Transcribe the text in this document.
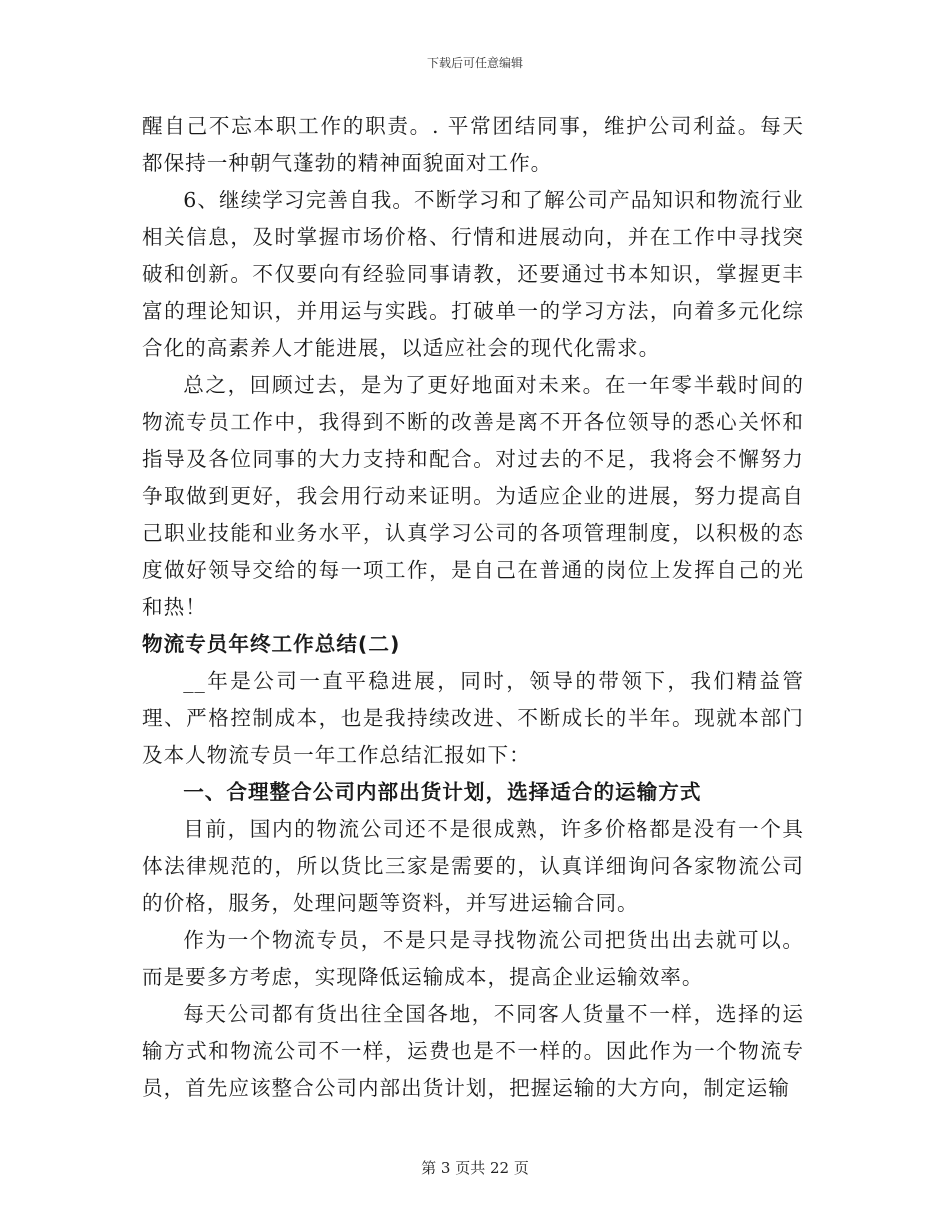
下载后可任意编辑

醒自己不忘本职工作的职责。. 平常团结同事，维护公司利益。每天都保持一种朝气蓬勃的精神面貌面对工作。

6、继续学习完善自我。不断学习和了解公司产品知识和物流行业相关信息，及时掌握市场价格、行情和进展动向，并在工作中寻找突破和创新。不仅要向有经验同事请教，还要通过书本知识，掌握更丰富的理论知识，并用运与实践。打破单一的学习方法，向着多元化综合化的高素养人才能进展，以适应社会的现代化需求。

总之，回顾过去，是为了更好地面对未来。在一年零半载时间的物流专员工作中，我得到不断的改善是离不开各位领导的悉心关怀和指导及各位同事的大力支持和配合。对过去的不足，我将会不懈努力争取做到更好，我会用行动来证明。为适应企业的进展，努力提高自己职业技能和业务水平，认真学习公司的各项管理制度，以积极的态度做好领导交给的每一项工作，是自己在普通的岗位上发挥自己的光和热！

物流专员年终工作总结(二)

__年是公司一直平稳进展，同时，领导的带领下，我们精益管理、严格控制成本，也是我持续改进、不断成长的半年。现就本部门及本人物流专员一年工作总结汇报如下：

一、合理整合公司内部出货计划，选择适合的运输方式

目前，国内的物流公司还不是很成熟，许多价格都是没有一个具体法律规范的，所以货比三家是需要的，认真详细询问各家物流公司的价格，服务，处理问题等资料，并写进运输合同。

作为一个物流专员，不是只是寻找物流公司把货出出去就可以。而是要多方考虑，实现降低运输成本，提高企业运输效率。

每天公司都有货出往全国各地，不同客人货量不一样，选择的运输方式和物流公司不一样，运费也是不一样的。因此作为一个物流专员，首先应该整合公司内部出货计划，把握运输的大方向，制定运输

第 3 页共 22 页
